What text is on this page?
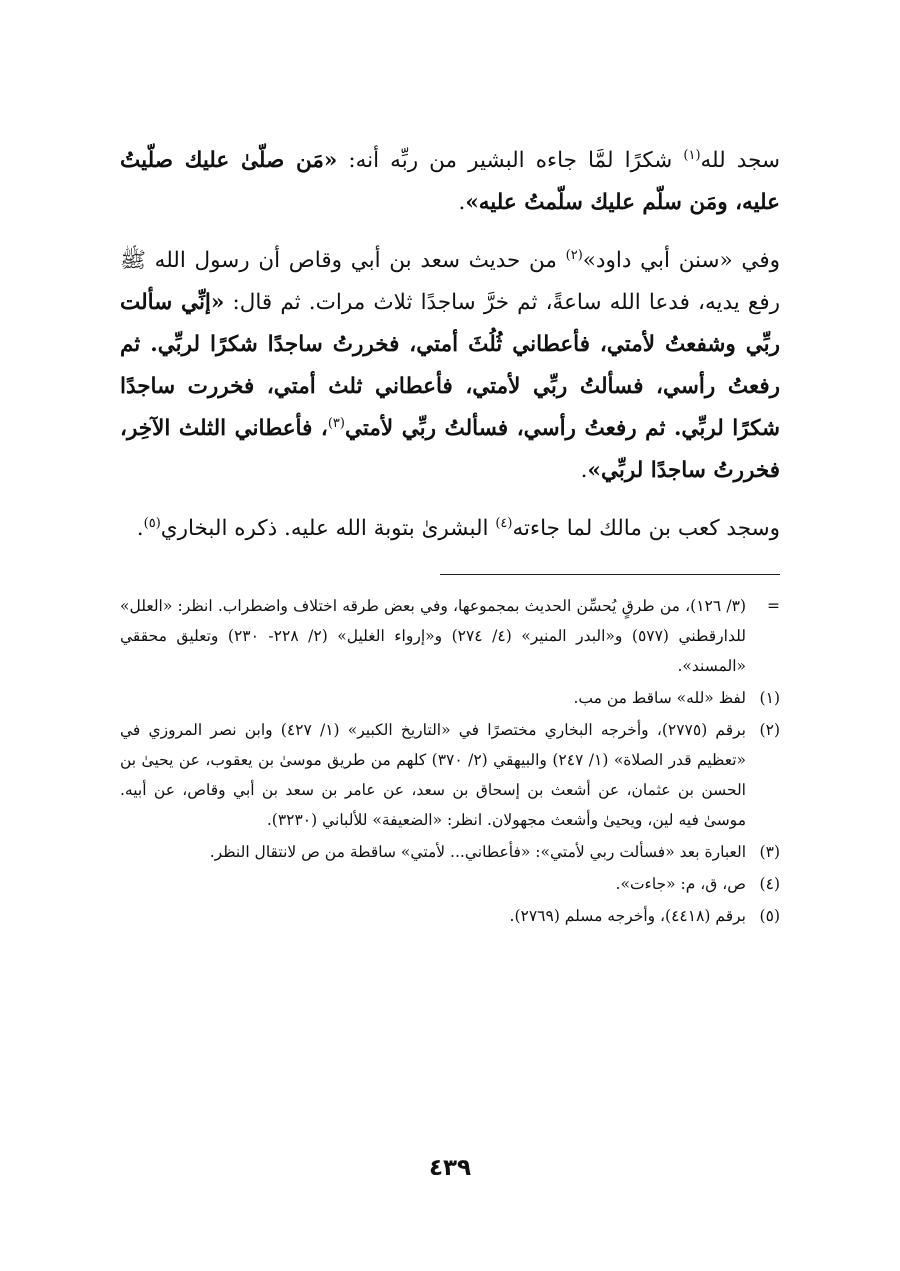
سجد لله$^{(١)}$ شكرًا لمَّا جاءه البشير من ربِّه أنه: «مَن صلّىٰ عليك صلّيتُ عليه، ومَن سلّم عليك سلّمتُ عليه».

وفي «سنن أبي داود»$^{(٢)}$ من حديث سعد بن أبي وقاص أن رسول الله ﷺ رفع يديه، فدعا الله ساعةً، ثم خرَّ ساجدًا ثلاث مرات. ثم قال: «إنِّي سألت ربِّي وشفعتُ لأمتي، فأعطاني ثُلُثَ أمتي، فخررتُ ساجدًا شكرًا لربِّي. ثم رفعتُ رأسي، فسألتُ ربِّي لأمتي، فأعطاني ثلث أمتي، فخررت ساجدًا شكرًا لربِّي. ثم رفعتُ رأسي، فسألتُ ربِّي لأمتي$^{(٣)}$، فأعطاني الثلث الآخِر، فخررتُ ساجدًا لربِّي».

وسجد كعب بن مالك لما جاءته$^{(٤)}$ البشرىٰ بتوبة الله عليه. ذكره البخاري$^{(٥)}$.

=
(٣/ ١٢٦)، من طرقٍ يُحسِّن الحديث بمجموعها، وفي بعض طرقه اختلاف واضطراب. انظر: «العلل» للدارقطني (٥٧٧) و«البدر المنير» (٤/ ٢٧٤) و«إرواء الغليل» (٢/ ٢٢٨- ٢٣٠) وتعليق محققي «المسند».

(١)
لفظ «لله» ساقط من مب.

(٢)
برقم (٢٧٧٥)، وأخرجه البخاري مختصرًا في «التاريخ الكبير» (١/ ٤٢٧) وابن نصر المروزي في «تعظيم قدر الصلاة» (١/ ٢٤٧) والبيهقي (٢/ ٣٧٠) كلهم من طريق موسىٰ بن يعقوب، عن يحيىٰ بن الحسن بن عثمان، عن أشعث بن إسحاق بن سعد، عن عامر بن سعد بن أبي وقاص، عن أبيه. موسىٰ فيه لين، ويحيىٰ وأشعث مجهولان. انظر: «الضعيفة» للألباني (٣٢٣٠).

(٣)
العبارة بعد «فسألت ربي لأمتي»: «فأعطاني... لأمتي» ساقطة من ص لانتقال النظر.

(٤)
ص، ق، م: «جاءت».

(٥)
برقم (٤٤١٨)، وأخرجه مسلم (٢٧٦٩).

٤٣٩
